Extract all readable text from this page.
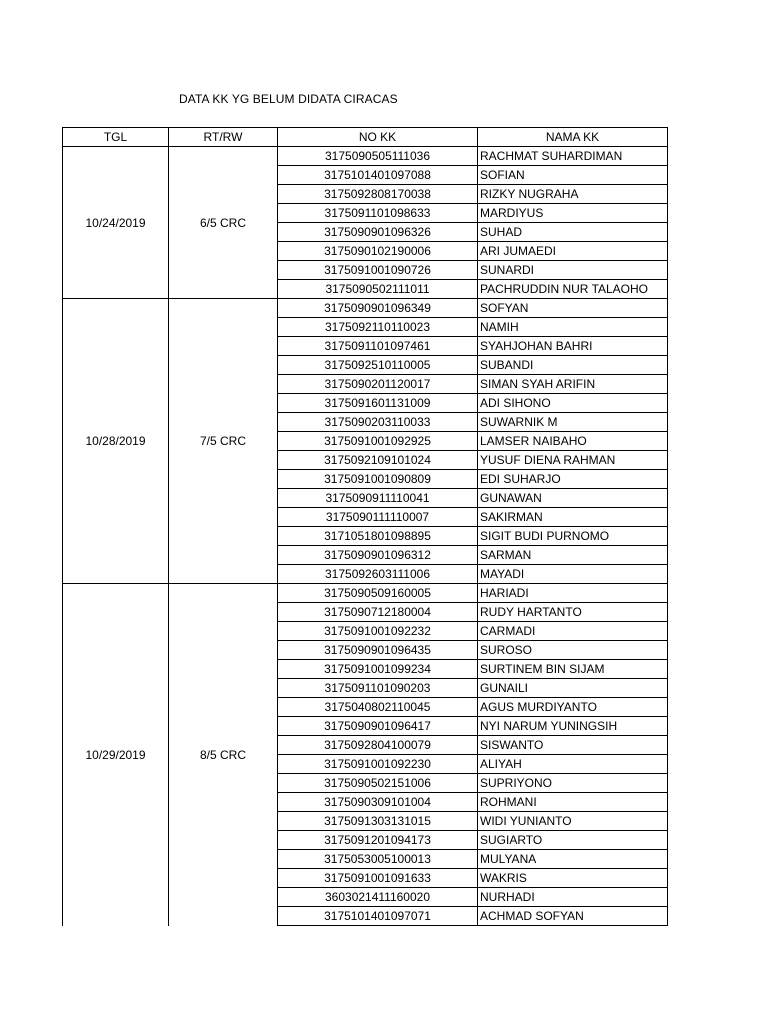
DATA KK YG BELUM DIDATA CIRACAS
TGL	RT/RW	NO KK	NAMA KK
10/24/2019	6/5 CRC	3175090505111036	RACHMAT SUHARDIMAN
		3175101401097088	SOFIAN
		3175092808170038	RIZKY NUGRAHA
		3175091101098633	MARDIYUS
		3175090901096326	SUHAD
		3175090102190006	ARI JUMAEDI
		3175091001090726	SUNARDI
		3175090502111011	PACHRUDDIN NUR TALAOHO
10/28/2019	7/5 CRC	3175090901096349	SOFYAN
		3175092110110023	NAMIH
		3175091101097461	SYAHJOHAN BAHRI
		3175092510110005	SUBANDI
		3175090201120017	SIMAN SYAH ARIFIN
		3175091601131009	ADI SIHONO
		3175090203110033	SUWARNIK M
		3175091001092925	LAMSER NAIBAHO
		3175092109101024	YUSUF DIENA RAHMAN
		3175091001090809	EDI SUHARJO
		3175090911110041	GUNAWAN
		3175090111110007	SAKIRMAN
		3171051801098895	SIGIT BUDI PURNOMO
		3175090901096312	SARMAN
		3175092603111006	MAYADI
10/29/2019	8/5 CRC	3175090509160005	HARIADI
		3175090712180004	RUDY HARTANTO
		3175091001092232	CARMADI
		3175090901096435	SUROSO
		3175091001099234	SURTINEM BIN SIJAM
		3175091101090203	GUNAILI
		3175040802110045	AGUS MURDIYANTO
		3175090901096417	NYI NARUM YUNINGSIH
		3175092804100079	SISWANTO
		3175091001092230	ALIYAH
		3175090502151006	SUPRIYONO
		3175090309101004	ROHMANI
		3175091303131015	WIDI YUNIANTO
		3175091201094173	SUGIARTO
		3175053005100013	MULYANA
		3175091001091633	WAKRIS
		3603021411160020	NURHADI
		3175101401097071	ACHMAD SOFYAN
